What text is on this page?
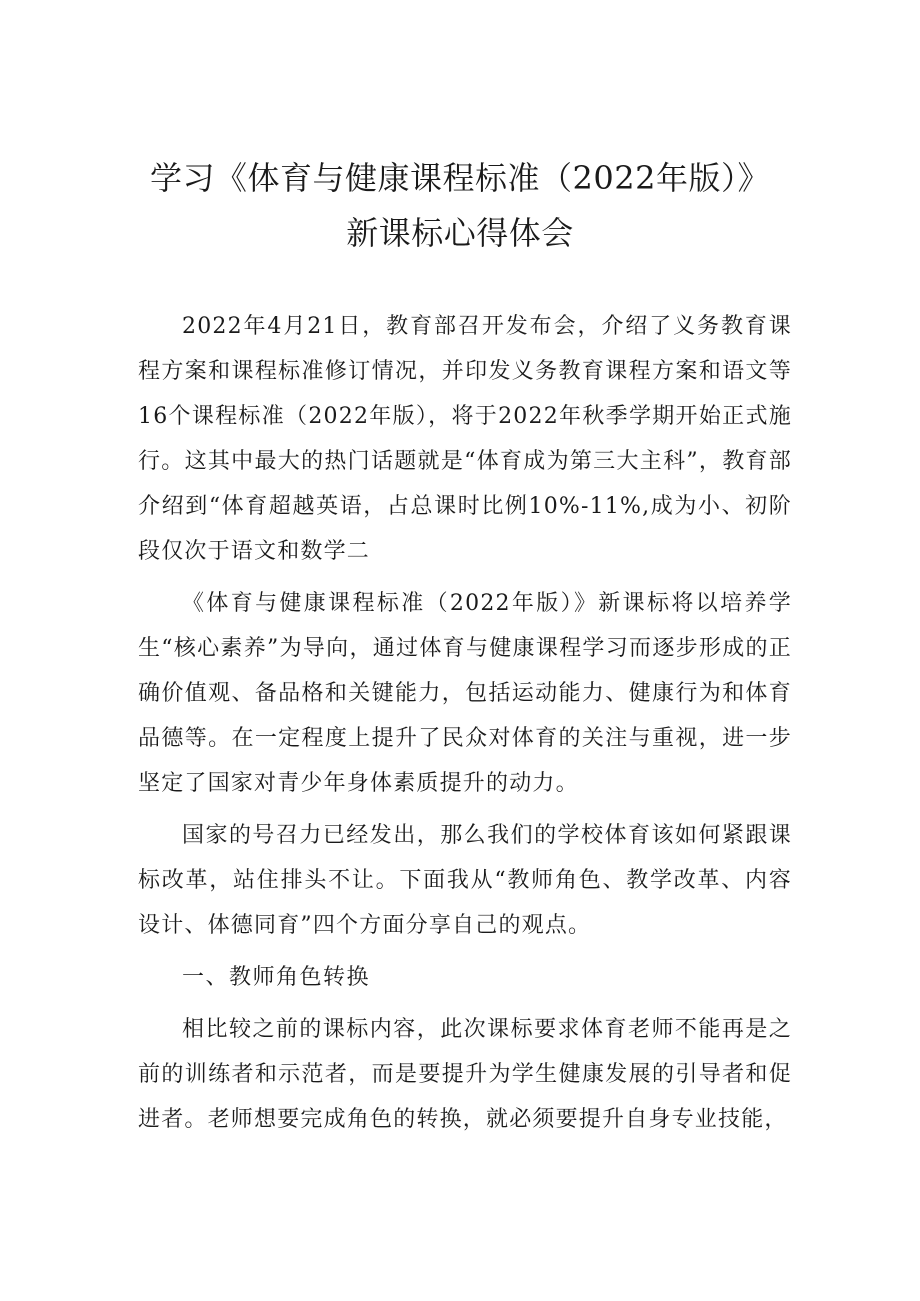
学习《体育与健康课程标准（2022年版）》
新课标心得体会

2022年4月21日，教育部召开发布会，介绍了义务教育课程方案和课程标准修订情况，并印发义务教育课程方案和语文等16个课程标准（2022年版），将于2022年秋季学期开始正式施行。这其中最大的热门话题就是“体育成为第三大主科”，教育部介绍到“体育超越英语，占总课时比例10%-11%,成为小、初阶段仅次于语文和数学二

《体育与健康课程标准（2022年版）》新课标将以培养学生“核心素养”为导向，通过体育与健康课程学习而逐步形成的正确价值观、备品格和关键能力，包括运动能力、健康行为和体育品德等。在一定程度上提升了民众对体育的关注与重视，进一步坚定了国家对青少年身体素质提升的动力。

国家的号召力已经发出，那么我们的学校体育该如何紧跟课标改革，站住排头不让。下面我从“教师角色、教学改革、内容设计、体德同育”四个方面分享自己的观点。

一、教师角色转换

相比较之前的课标内容，此次课标要求体育老师不能再是之前的训练者和示范者，而是要提升为学生健康发展的引导者和促进者。老师想要完成角色的转换，就必须要提升自身专业技能，
